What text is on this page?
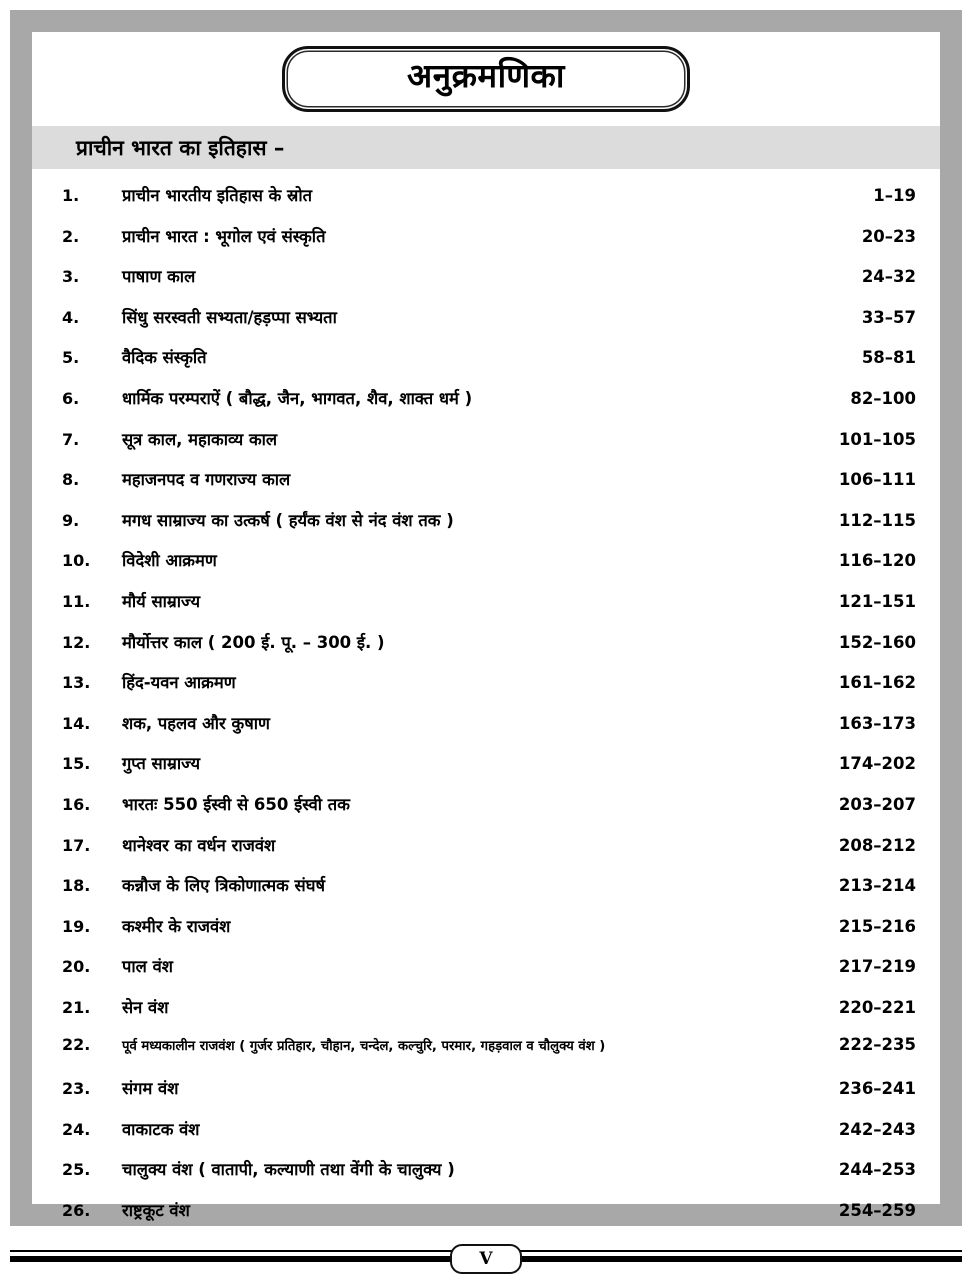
अनुक्रमणिका
प्राचीन भारत का इतिहास –
1.	प्राचीन भारतीय इतिहास के स्रोत	1–19
2.	प्राचीन भारत : भूगोल एवं संस्कृति	20–23
3.	पाषाण काल	24–32
4.	सिंधु सरस्वती सभ्यता/हड़प्पा सभ्यता	33–57
5.	वैदिक संस्कृति	58–81
6.	धार्मिक परम्पराऐं ( बौद्ध, जैन, भागवत, शैव, शाक्त धर्म )	82–100
7.	सूत्र काल, महाकाव्य काल	101–105
8.	महाजनपद व गणराज्य काल	106–111
9.	मगध साम्राज्य का उत्कर्ष ( हर्यंक वंश से नंद वंश तक )	112–115
10.	विदेशी आक्रमण	116–120
11.	मौर्य साम्राज्य	121–151
12.	मौर्योत्तर काल ( 200 ई. पू. – 300 ई. )	152–160
13.	हिंद-यवन आक्रमण	161–162
14.	शक, पहलव और कुषाण	163–173
15.	गुप्त साम्राज्य	174–202
16.	भारतः 550 ईस्वी से 650 ईस्वी तक	203–207
17.	थानेश्वर का वर्धन राजवंश	208–212
18.	कन्नौज के लिए त्रिकोणात्मक संघर्ष	213–214
19.	कश्मीर के राजवंश	215–216
20.	पाल वंश	217–219
21.	सेन वंश	220–221
22.	पूर्व मध्यकालीन राजवंश ( गुर्जर प्रतिहार, चौहान, चन्देल, कल्चुरि, परमार, गहड़वाल व चौलुक्य वंश )	222–235
23.	संगम वंश	236–241
24.	वाकाटक वंश	242–243
25.	चालुक्य वंश ( वातापी, कल्याणी तथा वेंगी के चालुक्य )	244–253
26.	राष्ट्रकूट वंश	254–259
V
